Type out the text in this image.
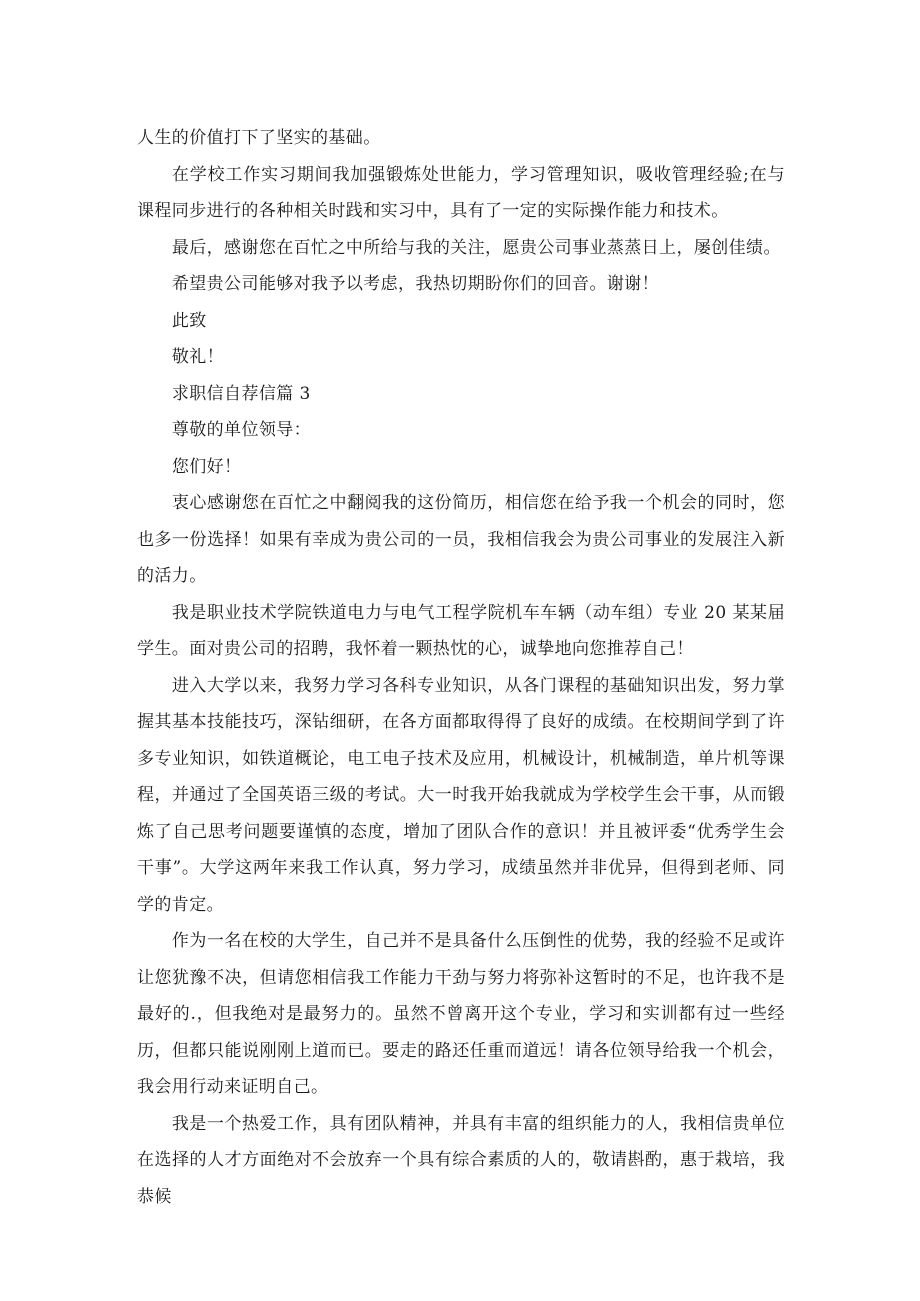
人生的价值打下了坚实的基础。

在学校工作实习期间我加强锻炼处世能力，学习管理知识，吸收管理经验;在与课程同步进行的各种相关时践和实习中，具有了一定的实际操作能力和技术。

最后，感谢您在百忙之中所给与我的关注，愿贵公司事业蒸蒸日上，屡创佳绩。

希望贵公司能够对我予以考虑，我热切期盼你们的回音。谢谢！

此致

敬礼！

求职信自荐信篇 3

尊敬的单位领导：

您们好！

衷心感谢您在百忙之中翻阅我的这份简历，相信您在给予我一个机会的同时，您也多一份选择！如果有幸成为贵公司的一员，我相信我会为贵公司事业的发展注入新的活力。

我是职业技术学院铁道电力与电气工程学院机车车辆（动车组）专业 20 某某届学生。面对贵公司的招聘，我怀着一颗热忱的心，诚挚地向您推荐自己！

进入大学以来，我努力学习各科专业知识，从各门课程的基础知识出发，努力掌握其基本技能技巧，深钻细研，在各方面都取得得了良好的成绩。在校期间学到了许多专业知识，如铁道概论，电工电子技术及应用，机械设计，机械制造，单片机等课程，并通过了全国英语三级的考试。大一时我开始我就成为学校学生会干事，从而锻炼了自己思考问题要谨慎的态度，增加了团队合作的意识！并且被评委“优秀学生会干事”。大学这两年来我工作认真，努力学习，成绩虽然并非优异，但得到老师、同学的肯定。

作为一名在校的大学生，自己并不是具备什么压倒性的优势，我的经验不足或许让您犹豫不决，但请您相信我工作能力干劲与努力将弥补这暂时的不足，也许我不是最好的.，但我绝对是最努力的。虽然不曾离开这个专业，学习和实训都有过一些经历，但都只能说刚刚上道而已。要走的路还任重而道远！请各位领导给我一个机会，我会用行动来证明自己。

我是一个热爱工作，具有团队精神，并具有丰富的组织能力的人，我相信贵单位在选择的人才方面绝对不会放弃一个具有综合素质的人的，敬请斟酌，惠于栽培，我恭候
